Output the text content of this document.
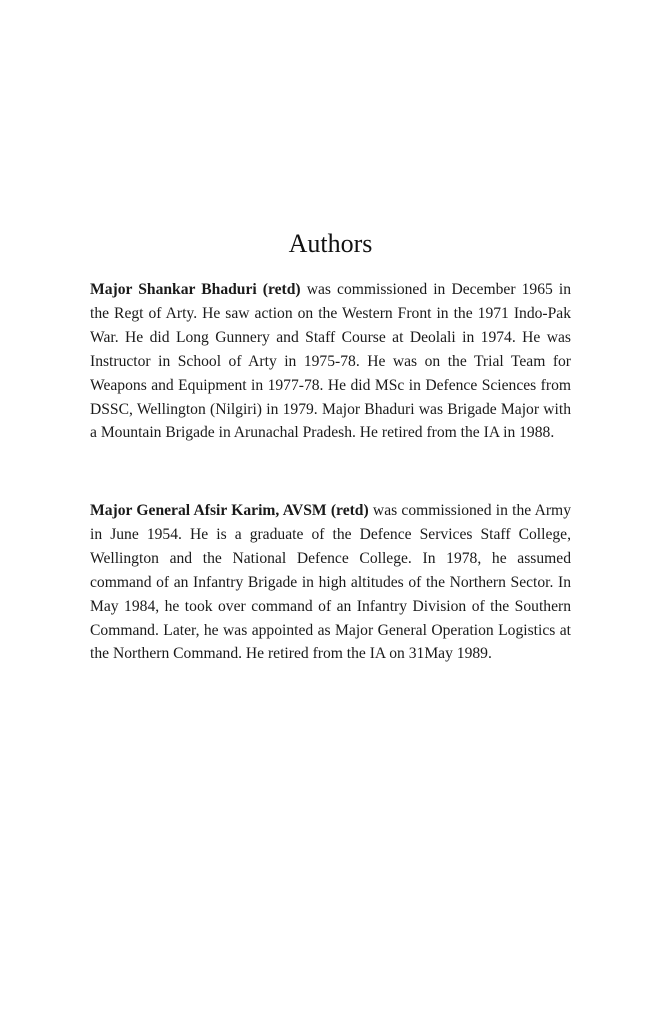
Authors

Major Shankar Bhaduri (retd) was commissioned in December 1965 in the Regt of Arty. He saw action on the Western Front in the 1971 Indo-Pak War. He did Long Gunnery and Staff Course at Deolali in 1974. He was Instructor in School of Arty in 1975-78. He was on the Trial Team for Weapons and Equipment in 1977-78. He did MSc in Defence Sciences from DSSC, Wellington (Nilgiri) in 1979. Major Bhaduri was Brigade Major with a Mountain Brigade in Arunachal Pradesh. He retired from the IA in 1988.

Major General Afsir Karim, AVSM (retd) was commissioned in the Army in June 1954. He is a graduate of the Defence Services Staff College, Wellington and the National Defence College. In 1978, he assumed command of an Infantry Brigade in high altitudes of the Northern Sector. In May 1984, he took over command of an Infantry Division of the Southern Command. Later, he was appointed as Major General Operation Logistics at the Northern Command. He retired from the IA on 31May 1989.
